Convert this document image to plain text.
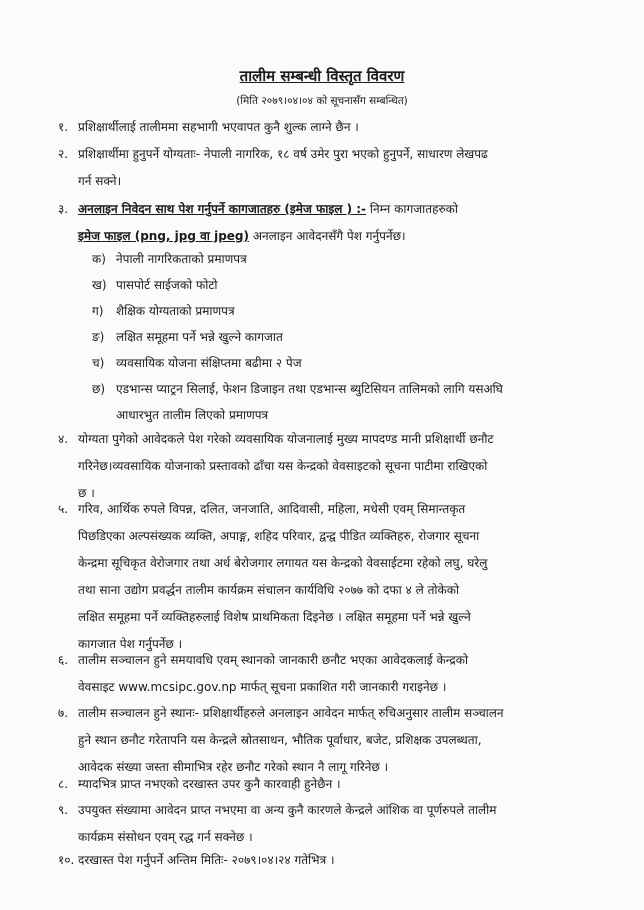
तालीम सम्बन्धी विस्तृत विवरण
(मिति २०७९।०४।०४ को सूचनासँग सम्बन्धित)
१. प्रशिक्षार्थीलाई तालीममा सहभागी भएवापत कुनै शुल्क लाग्ने छैन ।
२. प्रशिक्षार्थीमा हुनुपर्ने योग्यताः- नेपाली नागरिक, १८ वर्ष उमेर पुरा भएको हुनुपर्ने, साधारण लेखपढ
गर्न सक्ने।
३. अनलाइन निवेदन साथ पेश गर्नुपर्ने कागजातहरु (इमेज फाइल ) :- निम्न कागजातहरुको
इमेज फाइल (png, jpg वा jpeg) अनलाइन आवेदनसँगै पेश गर्नुपर्नेछ।
क) नेपाली नागरिकताको प्रमाणपत्र
ख) पासपोर्ट साईजको फोटो
ग) शैक्षिक योग्यताको प्रमाणपत्र
ङ) लक्षित समूहमा पर्ने भन्ने खुल्ने कागजात
च) व्यवसायिक योजना संक्षिप्तमा बढीमा २ पेज
छ) एडभान्स प्याट्रन सिलाई, फेशन डिजाइन तथा एडभान्स ब्युटिसियन तालिमको लागि यसअघि
आधारभुत तालीम लिएको प्रमाणपत्र
४. योग्यता पुगेको आवेदकले पेश गरेको व्यवसायिक योजनालाई मुख्य मापदण्ड मानी प्रशिक्षार्थी छनौट
गरिनेछ।व्यवसायिक योजनाको प्रस्तावको ढाँचा यस केन्द्रको वेवसाइटको सूचना पाटीमा राखिएको
छ ।
५. गरिव, आर्थिक रुपले विपन्न, दलित, जनजाति, आदिवासी, महिला, मधेसी एवम् सिमान्तकृत
पिछडिएका अल्पसंख्यक व्यक्ति, अपाङ्ग, शहिद परिवार, द्वन्द्व पीडित व्यक्तिहरु, रोजगार सूचना
केन्द्रमा सूचिकृत वेरोजगार तथा अर्ध बेरोजगार लगायत यस केन्द्रको वेवसाईटमा रहेको लघु, घरेलु
तथा साना उद्योग प्रवर्द्धन तालीम कार्यक्रम संचालन कार्यविधि २०७७ को दफा ४ ले तोकेको
लक्षित समूहमा पर्ने व्यक्तिहरुलाई विशेष प्राथमिकता दिइनेछ । लक्षित समूहमा पर्ने भन्ने खुल्ने
कागजात पेश गर्नुपर्नेछ ।
६. तालीम सञ्चालन हुने समयावधि एवम् स्थानको जानकारी छनौट भएका आवेदकलाई केन्द्रको
वेवसाइट www.mcsipc.gov.np मार्फत् सूचना प्रकाशित गरी जानकारी गराइनेछ ।
७. तालीम सञ्चालन हुने स्थानः- प्रशिक्षार्थीहरुले अनलाइन आवेदन मार्फत् रुचिअनुसार तालीम सञ्चालन
हुने स्थान छनौट गरेतापनि यस केन्द्रले स्रोतसाधन, भौतिक पूर्वाधार, बजेट, प्रशिक्षक उपलब्धता,
आवेदक संख्या जस्ता सीमाभित्र रहेर छनौट गरेको स्थान नै लागू गरिनेछ ।
८. म्यादभित्र प्राप्त नभएको दरखास्त उपर कुनै कारवाही हुनेछैन ।
९. उपयुक्त संख्यामा आवेदन प्राप्त नभएमा वा अन्य कुनै कारणले केन्द्रले आंशिक वा पूर्णरुपले तालीम
कार्यक्रम संसोधन एवम् रद्ध गर्न सक्नेछ ।
१०. दरखास्त पेश गर्नुपर्ने अन्तिम मितिः- २०७९।०४।२४ गतेभित्र ।
